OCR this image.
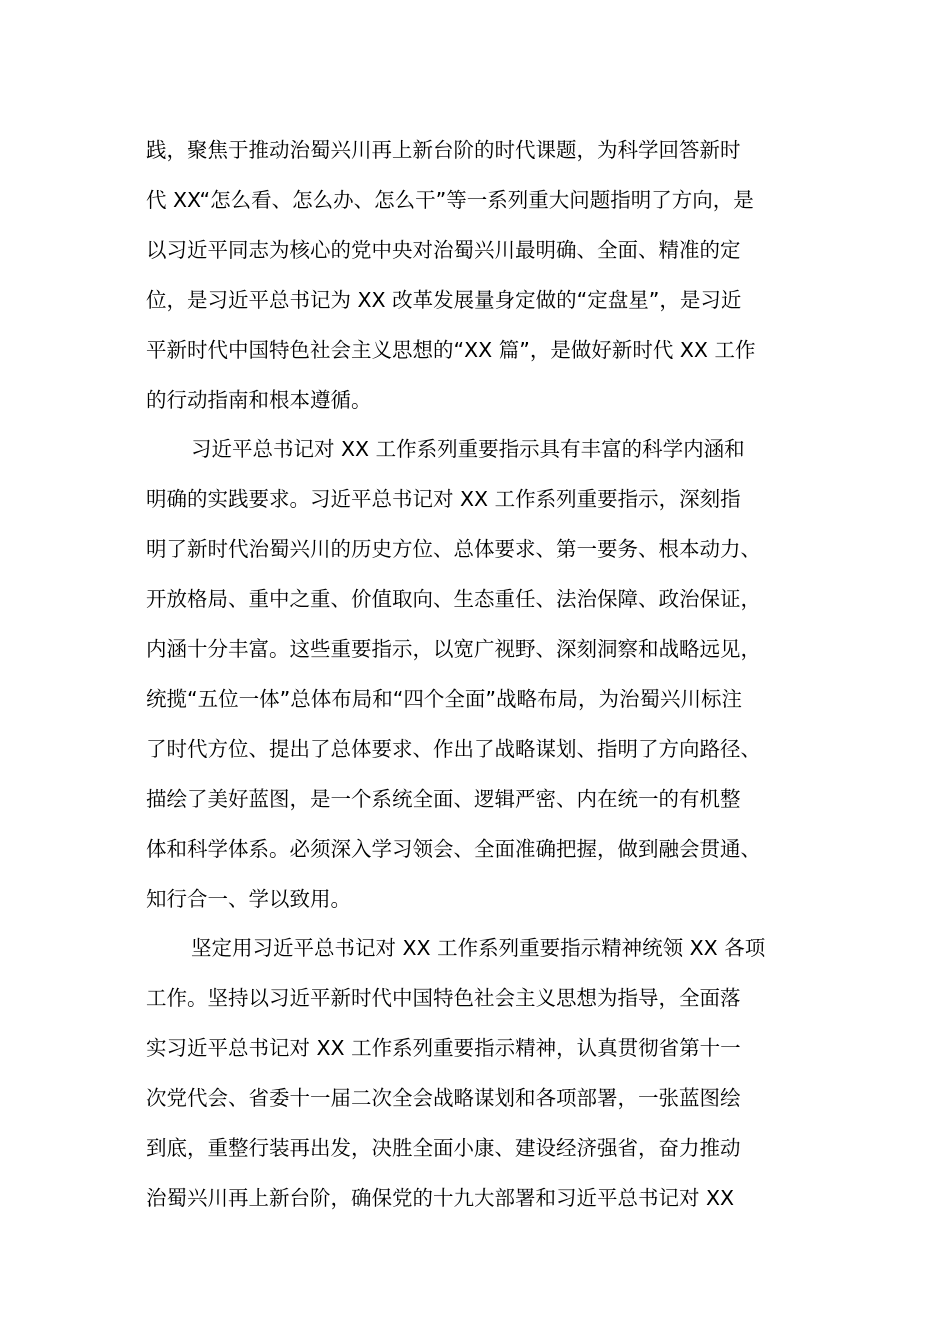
践，聚焦于推动治蜀兴川再上新台阶的时代课题，为科学回答新时
代 XX“怎么看、怎么办、怎么干”等一系列重大问题指明了方向，是
以习近平同志为核心的党中央对治蜀兴川最明确、全面、精准的定
位，是习近平总书记为 XX 改革发展量身定做的“定盘星”，是习近
平新时代中国特色社会主义思想的“XX 篇”，是做好新时代 XX 工作
的行动指南和根本遵循。
习近平总书记对 XX 工作系列重要指示具有丰富的科学内涵和
明确的实践要求。习近平总书记对 XX 工作系列重要指示，深刻指
明了新时代治蜀兴川的历史方位、总体要求、第一要务、根本动力、
开放格局、重中之重、价值取向、生态重任、法治保障、政治保证，
内涵十分丰富。这些重要指示，以宽广视野、深刻洞察和战略远见，
统揽“五位一体”总体布局和“四个全面”战略布局，为治蜀兴川标注
了时代方位、提出了总体要求、作出了战略谋划、指明了方向路径、
描绘了美好蓝图，是一个系统全面、逻辑严密、内在统一的有机整
体和科学体系。必须深入学习领会、全面准确把握，做到融会贯通、
知行合一、学以致用。
坚定用习近平总书记对 XX 工作系列重要指示精神统领 XX 各项
工作。坚持以习近平新时代中国特色社会主义思想为指导，全面落
实习近平总书记对 XX 工作系列重要指示精神，认真贯彻省第十一
次党代会、省委十一届二次全会战略谋划和各项部署，一张蓝图绘
到底，重整行装再出发，决胜全面小康、建设经济强省，奋力推动
治蜀兴川再上新台阶，确保党的十九大部署和习近平总书记对 XX
